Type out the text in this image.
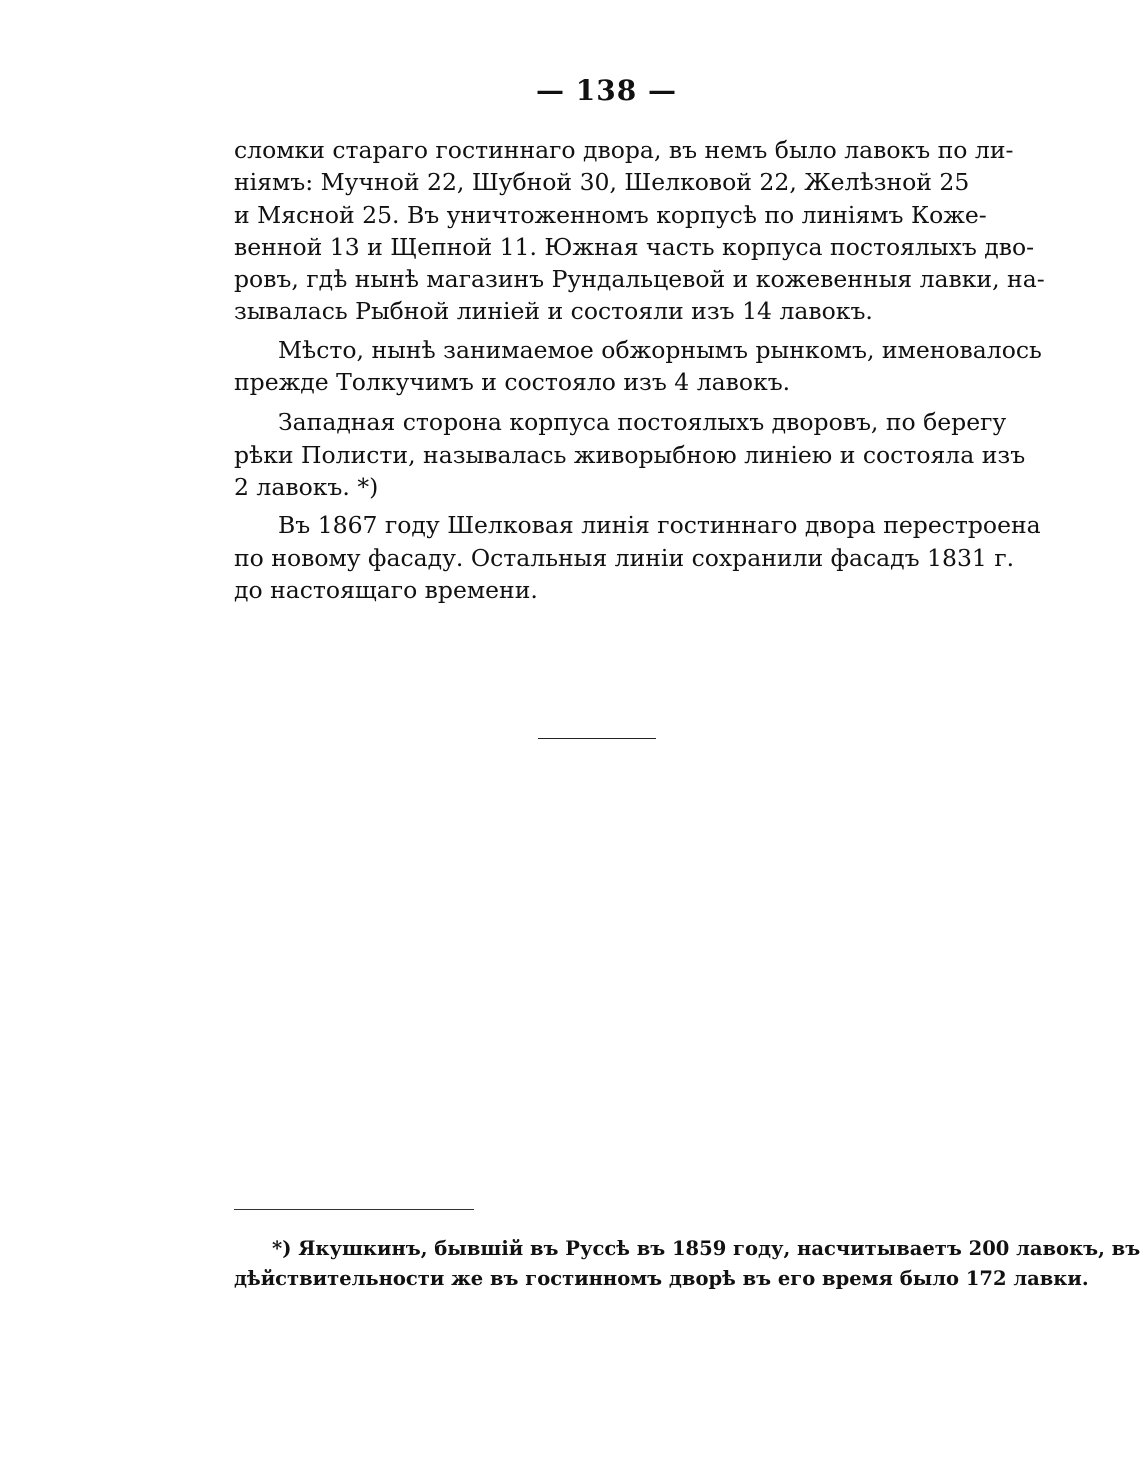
— 138 —
сломки стараго гостиннаго двора, въ немъ было лавокъ по ли-
ніямъ: Мучной 22, Шубной 30, Шелковой 22, Желѣзной 25
и Мясной 25. Въ уничтоженномъ корпусѣ по линіямъ Коже-
венной 13 и Щепной 11. Южная часть корпуса постоялыхъ дво-
ровъ, гдѣ нынѣ магазинъ Рундальцевой и кожевенныя лавки, на-
зывалась Рыбной линіей и состояли изъ 14 лавокъ.
Мѣсто, нынѣ занимаемое обжорнымъ рынкомъ, именовалось
прежде Толкучимъ и состояло изъ 4 лавокъ.
Западная сторона корпуса постоялыхъ дворовъ, по берегу
рѣки Полисти, называлась живорыбною линіею и состояла изъ
2 лавокъ. *)
Въ 1867 году Шелковая линія гостиннаго двора перестроена
по новому фасаду. Остальныя линіи сохранили фасадъ 1831 г.
до настоящаго времени.
*) Якушкинъ, бывшій въ Руссѣ въ 1859 году, насчитываетъ 200 лавокъ, въ
дѣйствительности же въ гостинномъ дворѣ въ его время было 172 лавки.
